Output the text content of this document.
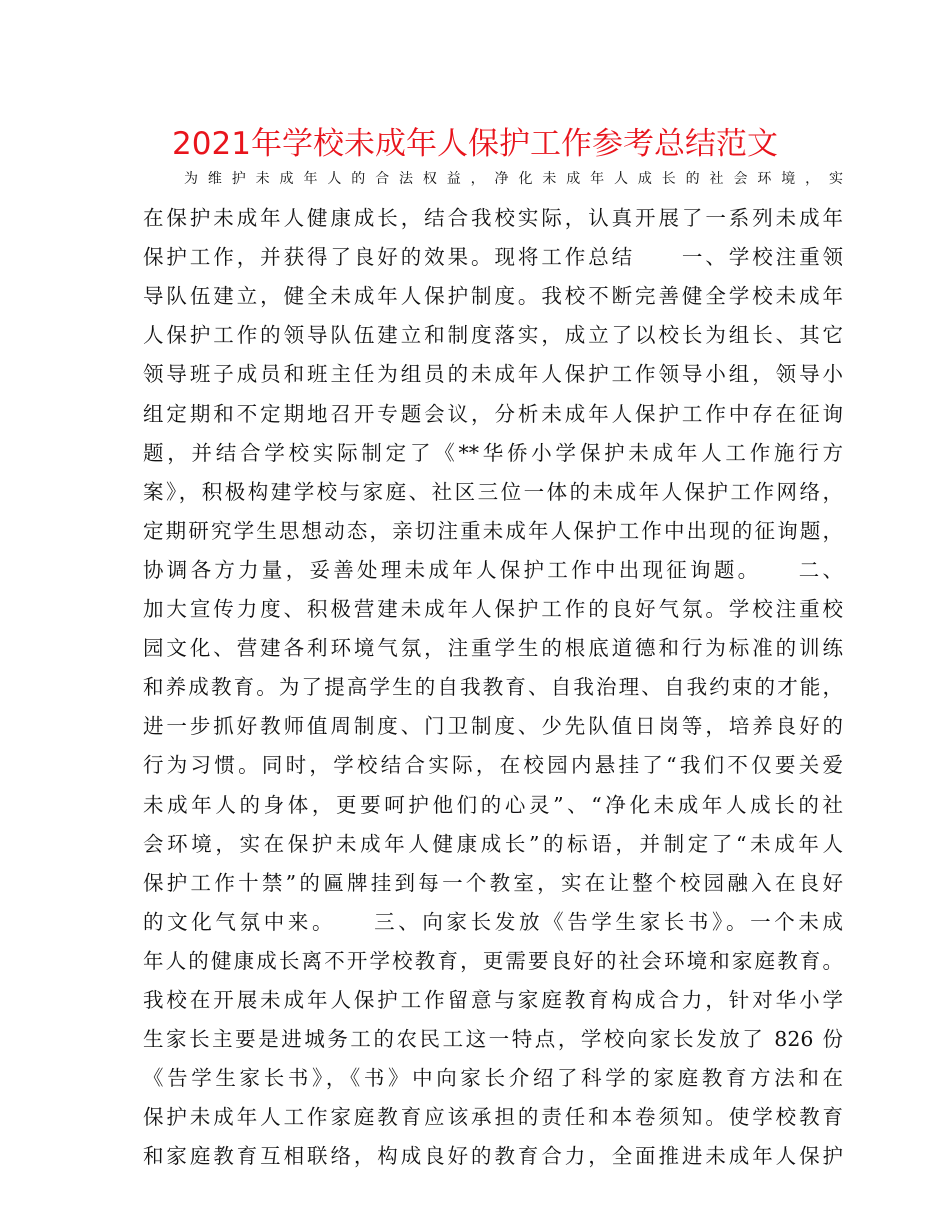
2021年学校未成年人保护工作参考总结范文
为维护未成年人的合法权益，净化未成年人成长的社会环境，实
在保护未成年人健康成长，结合我校实际，认真开展了一系列未成年
保护工作，并获得了良好的效果。现将工作总结　　一、学校注重领
导队伍建立，健全未成年人保护制度。我校不断完善健全学校未成年
人保护工作的领导队伍建立和制度落实，成立了以校长为组长、其它
领导班子成员和班主任为组员的未成年人保护工作领导小组，领导小
组定期和不定期地召开专题会议，分析未成年人保护工作中存在征询
题，并结合学校实际制定了《**华侨小学保护未成年人工作施行方
案》，积极构建学校与家庭、社区三位一体的未成年人保护工作网络，
定期研究学生思想动态，亲切注重未成年人保护工作中出现的征询题，
协调各方力量，妥善处理未成年人保护工作中出现征询题。　　二、
加大宣传力度、积极营建未成年人保护工作的良好气氛。学校注重校
园文化、营建各利环境气氛，注重学生的根底道德和行为标准的训练
和养成教育。为了提高学生的自我教育、自我治理、自我约束的才能，
进一步抓好教师值周制度、门卫制度、少先队值日岗等，培养良好的
行为习惯。同时，学校结合实际，在校园内悬挂了“我们不仅要关爱
未成年人的身体，更要呵护他们的心灵”、“净化未成年人成长的社
会环境，实在保护未成年人健康成长”的标语，并制定了“未成年人
保护工作十禁”的匾牌挂到每一个教室，实在让整个校园融入在良好
的文化气氛中来。　　三、向家长发放《告学生家长书》。一个未成
年人的健康成长离不开学校教育，更需要良好的社会环境和家庭教育。
我校在开展未成年人保护工作留意与家庭教育构成合力，针对华小学
生家长主要是进城务工的农民工这一特点，学校向家长发放了 826 份
《告学生家长书》，《书》中向家长介绍了科学的家庭教育方法和在
保护未成年人工作家庭教育应该承担的责任和本卷须知。使学校教育
和家庭教育互相联络，构成良好的教育合力，全面推进未成年人保护
